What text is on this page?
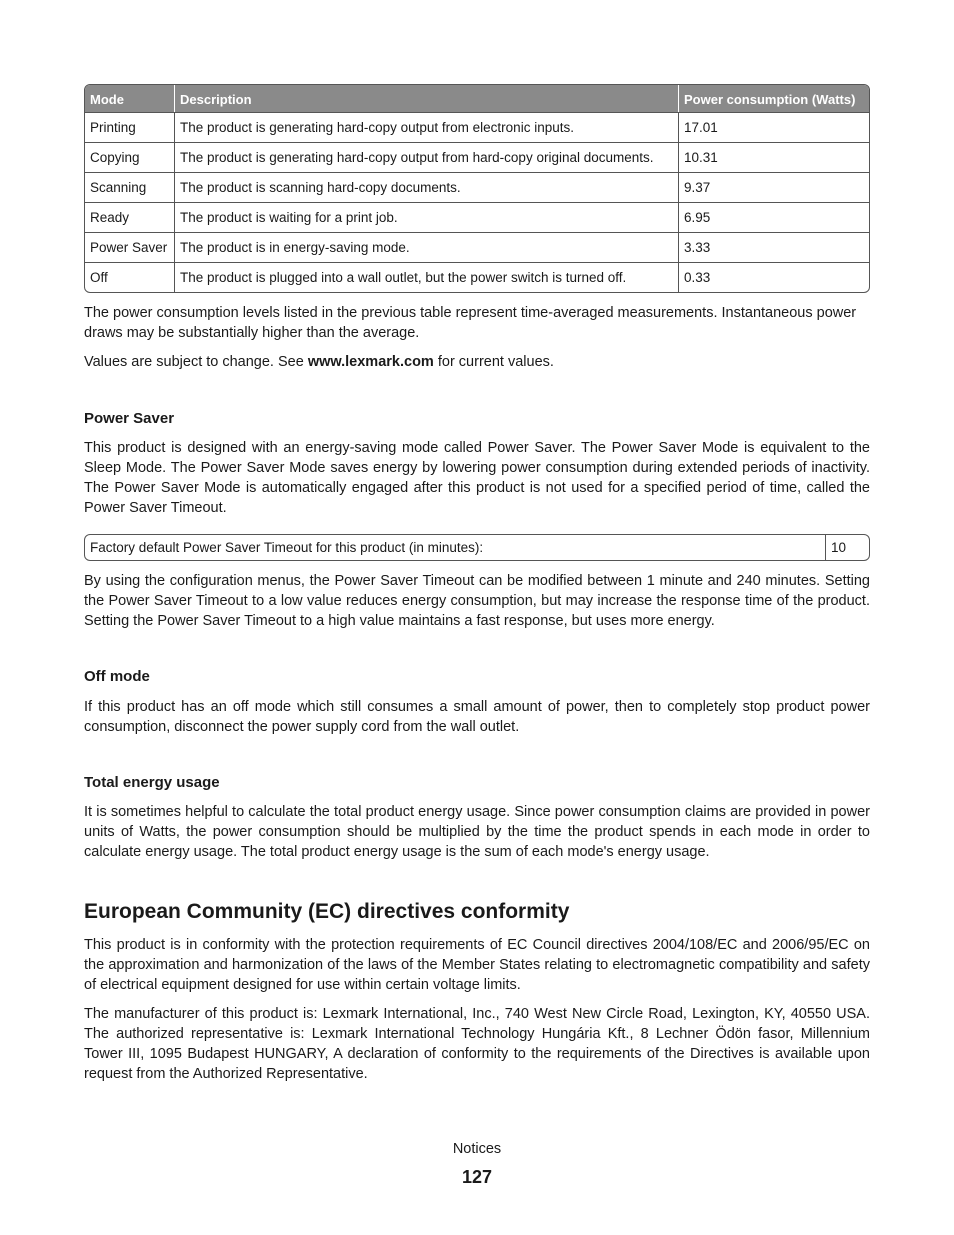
Mode	Description	Power consumption (Watts)
Printing	The product is generating hard-copy output from electronic inputs.	17.01
Copying	The product is generating hard-copy output from hard-copy original documents.	10.31
Scanning	The product is scanning hard-copy documents.	9.37
Ready	The product is waiting for a print job.	6.95
Power Saver	The product is in energy-saving mode.	3.33
Off	The product is plugged into a wall outlet, but the power switch is turned off.	0.33

The power consumption levels listed in the previous table represent time-averaged measurements. Instantaneous power draws may be substantially higher than the average.

Values are subject to change. See www.lexmark.com for current values.

Power Saver

This product is designed with an energy-saving mode called Power Saver. The Power Saver Mode is equivalent to the Sleep Mode. The Power Saver Mode saves energy by lowering power consumption during extended periods of inactivity. The Power Saver Mode is automatically engaged after this product is not used for a specified period of time, called the Power Saver Timeout.

Factory default Power Saver Timeout for this product (in minutes):	10

By using the configuration menus, the Power Saver Timeout can be modified between 1 minute and 240 minutes. Setting the Power Saver Timeout to a low value reduces energy consumption, but may increase the response time of the product. Setting the Power Saver Timeout to a high value maintains a fast response, but uses more energy.

Off mode

If this product has an off mode which still consumes a small amount of power, then to completely stop product power consumption, disconnect the power supply cord from the wall outlet.

Total energy usage

It is sometimes helpful to calculate the total product energy usage. Since power consumption claims are provided in power units of Watts, the power consumption should be multiplied by the time the product spends in each mode in order to calculate energy usage. The total product energy usage is the sum of each mode's energy usage.

European Community (EC) directives conformity

This product is in conformity with the protection requirements of EC Council directives 2004/108/EC and 2006/95/EC on the approximation and harmonization of the laws of the Member States relating to electromagnetic compatibility and safety of electrical equipment designed for use within certain voltage limits.

The manufacturer of this product is: Lexmark International, Inc., 740 West New Circle Road, Lexington, KY, 40550 USA. The authorized representative is: Lexmark International Technology Hungária Kft., 8 Lechner Ödön fasor, Millennium Tower III, 1095 Budapest HUNGARY, A declaration of conformity to the requirements of the Directives is available upon request from the Authorized Representative.

Notices
127
